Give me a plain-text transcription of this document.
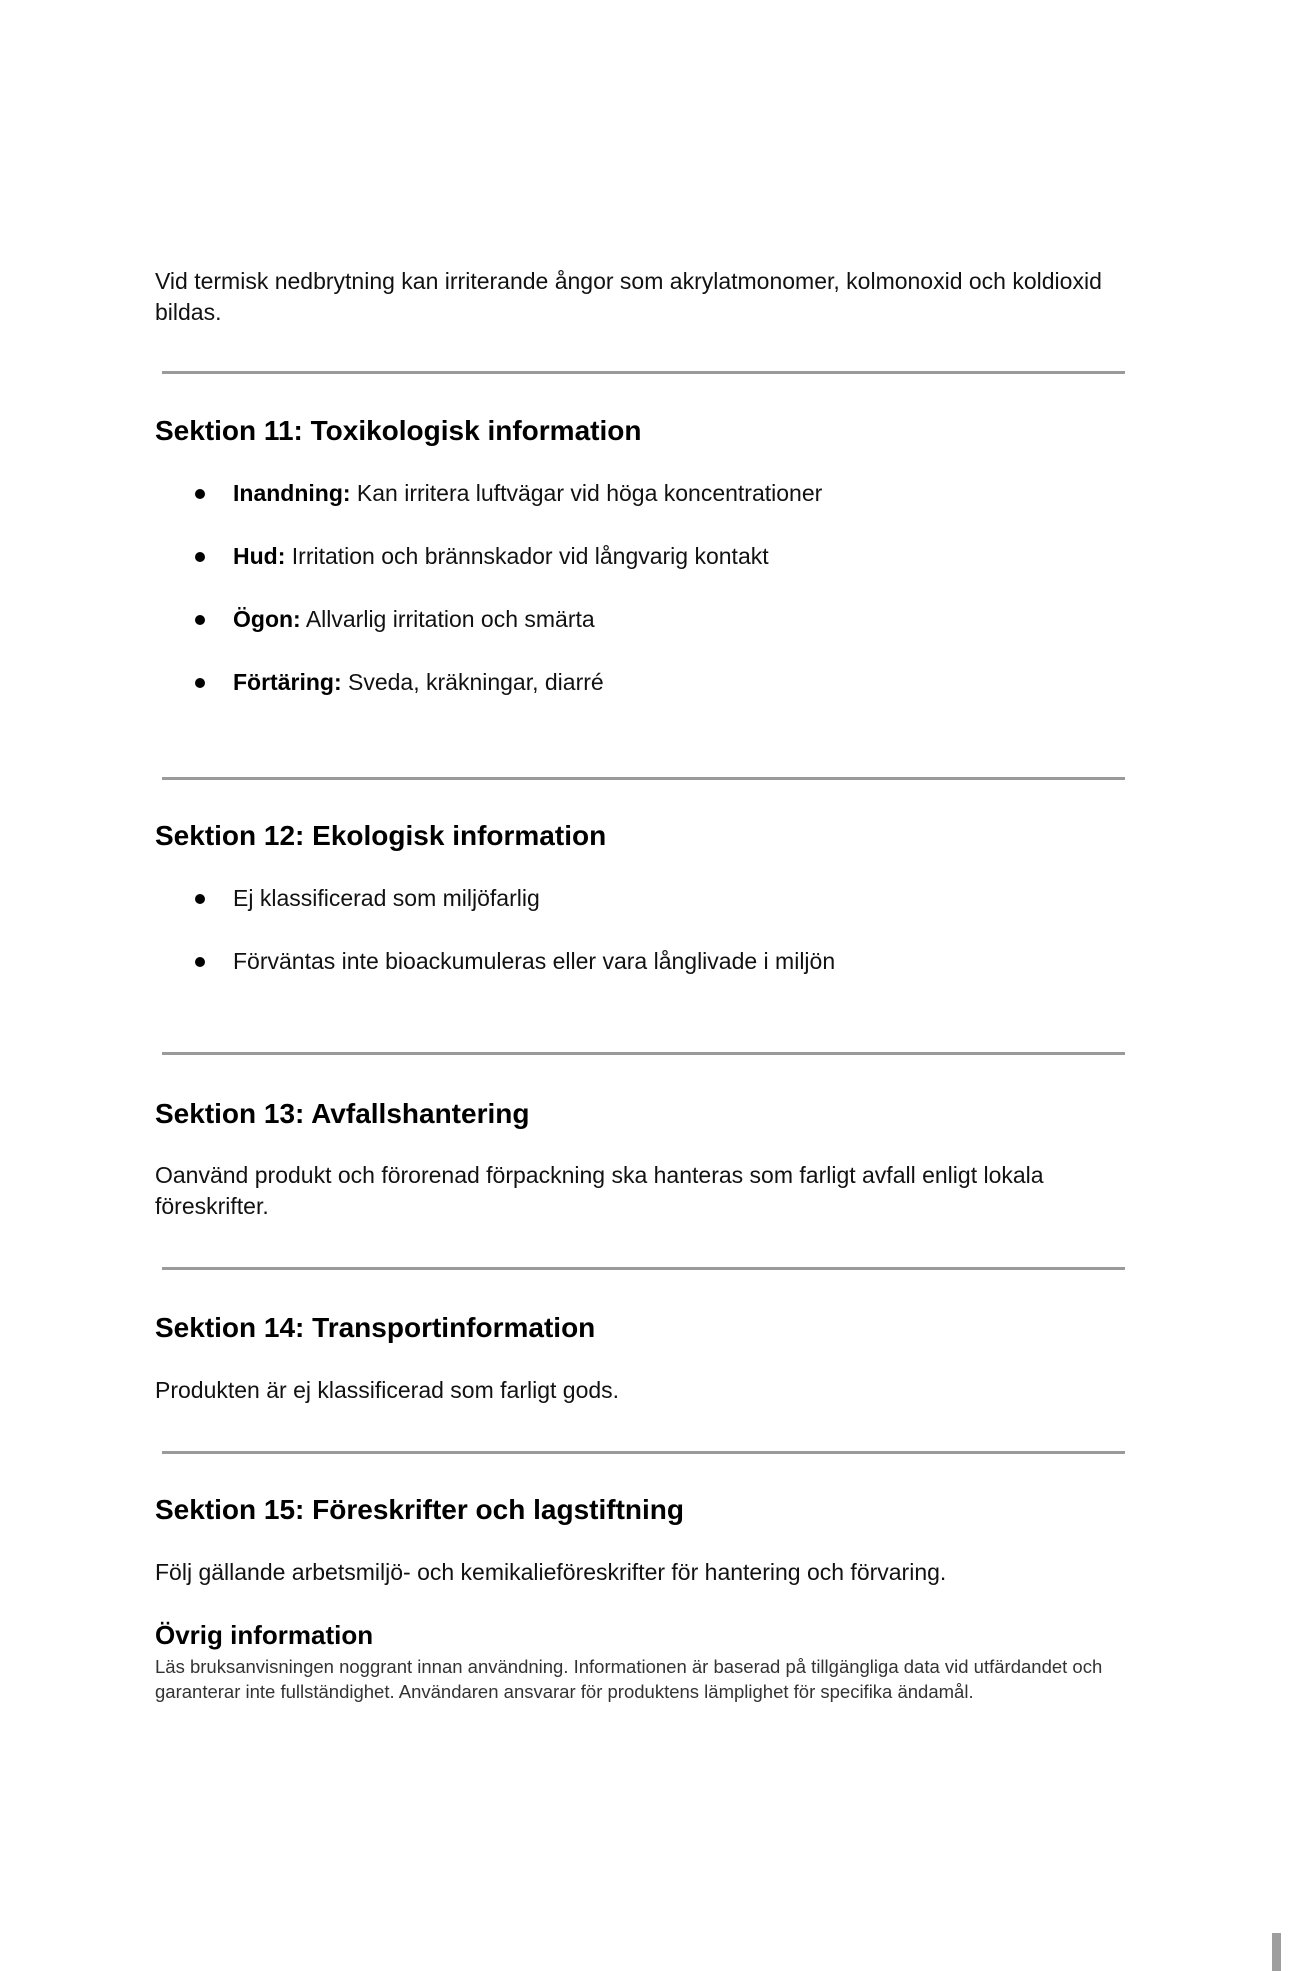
Vid termisk nedbrytning kan irriterande ångor som akrylatmonomer, kolmonoxid och koldioxid bildas.

Sektion 11: Toxikologisk information
Inandning: Kan irritera luftvägar vid höga koncentrationer
Hud: Irritation och brännskador vid långvarig kontakt
Ögon: Allvarlig irritation och smärta
Förtäring: Sveda, kräkningar, diarré
Sektion 12: Ekologisk information
Ej klassificerad som miljöfarlig
Förväntas inte bioackumuleras eller vara långlivade i miljön
Sektion 13: Avfallshantering

Oanvänd produkt och förorenad förpackning ska hanteras som farligt avfall enligt lokala föreskrifter.

Sektion 14: Transportinformation

Produkten är ej klassificerad som farligt gods.

Sektion 15: Föreskrifter och lagstiftning

Följ gällande arbetsmiljö- och kemikalieföreskrifter för hantering och förvaring.

Övrig information

Läs bruksanvisningen noggrant innan användning. Informationen är baserad på tillgängliga data vid utfärdandet och garanterar inte fullständighet. Användaren ansvarar för produktens lämplighet för specifika ändamål.
